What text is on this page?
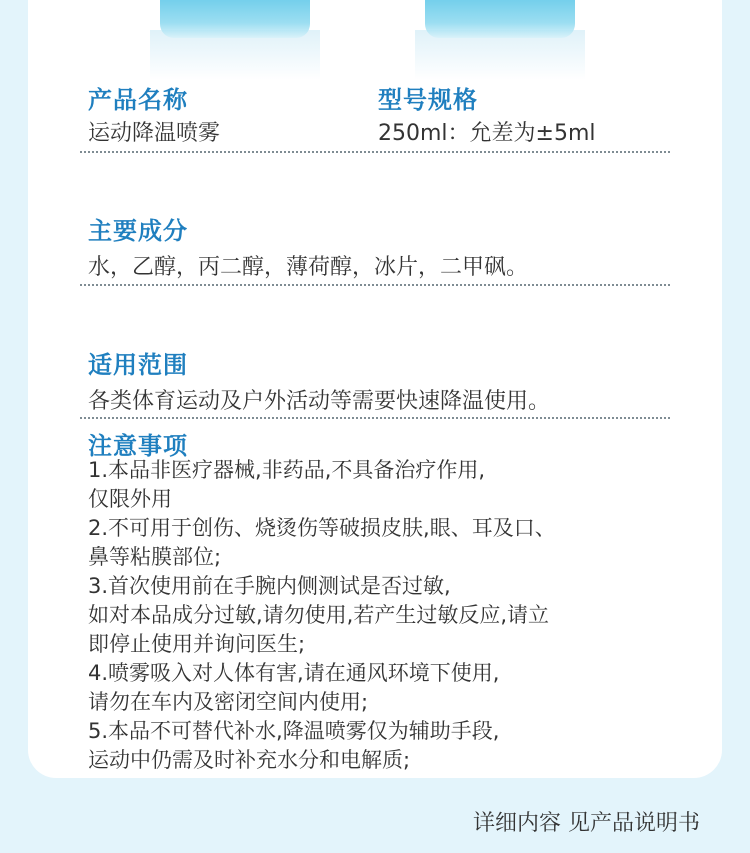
产品名称
运动降温喷雾
型号规格
250ml：允差为±5ml
主要成分
水，乙醇，丙二醇，薄荷醇，冰片，二甲砜。
适用范围
各类体育运动及户外活动等需要快速降温使用。
注意事项
1.本品非医疗器械,非药品,不具备治疗作用,
仅限外用
2.不可用于创伤、烧烫伤等破损皮肤,眼、耳及口、
鼻等粘膜部位;
3.首次使用前在手腕内侧测试是否过敏,
如对本品成分过敏,请勿使用,若产生过敏反应,请立
即停止使用并询问医生;
4.喷雾吸入对人体有害,请在通风环境下使用,
请勿在车内及密闭空间内使用;
5.本品不可替代补水,降温喷雾仅为辅助手段,
运动中仍需及时补充水分和电解质;
详细内容 见产品说明书
